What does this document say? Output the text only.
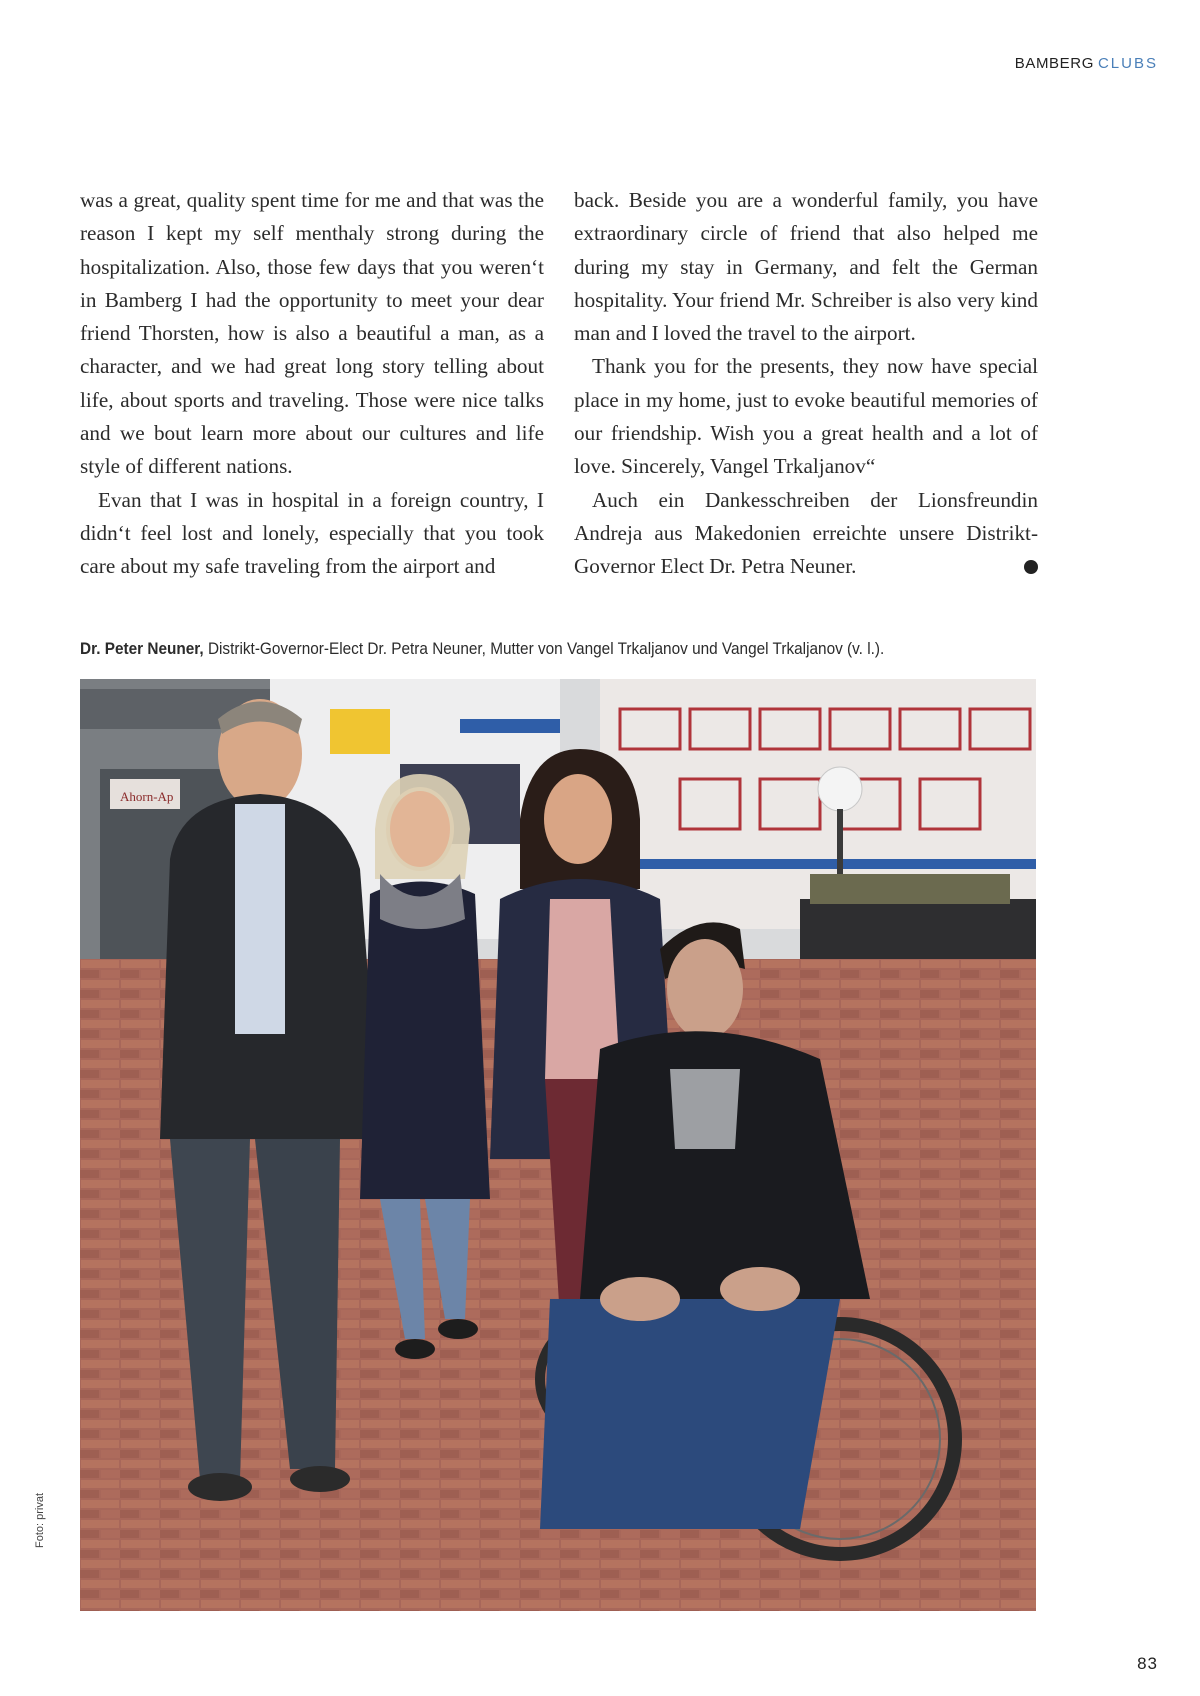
BAMBERG CLUBS

was a great, quality spent time for me and that was the reason I kept my self menthaly strong during the hospitalization. Also, those few days that you weren‘t in Bamberg I had the opportunity to meet your dear friend Thorsten, how is also a beautiful a man, as a character, and we had great long story telling about life, about sports and traveling. Those were nice talks and we bout learn more about our cultures and life style of different nations.

Evan that I was in hospital in a foreign country, I didn‘t feel lost and lonely, especially that you took care about my safe traveling from the airport and

back. Beside you are a wonderful family, you have extraordinary circle of friend that also helped me during my stay in Germany, and felt the German hospitality. Your friend Mr. Schreiber is also very kind man and I loved the travel to the airport.

Thank you for the presents, they now have special place in my home, just to evoke beautiful memories of our friendship. Wish you a great health and a lot of love. Sincerely, Vangel Trkaljanov“

Auch ein Dankesschreiben der Lionsfreundin Andreja aus Makedonien erreichte unsere Distrikt-Governor Elect Dr. Petra Neuner.	L

Dr. Peter Neuner, Distrikt-Governor-Elect Dr. Petra Neuner, Mutter von Vangel Trkaljanov und Vangel Trkaljanov (v. l.).
Ahorn-Ap
Foto: privat
83
